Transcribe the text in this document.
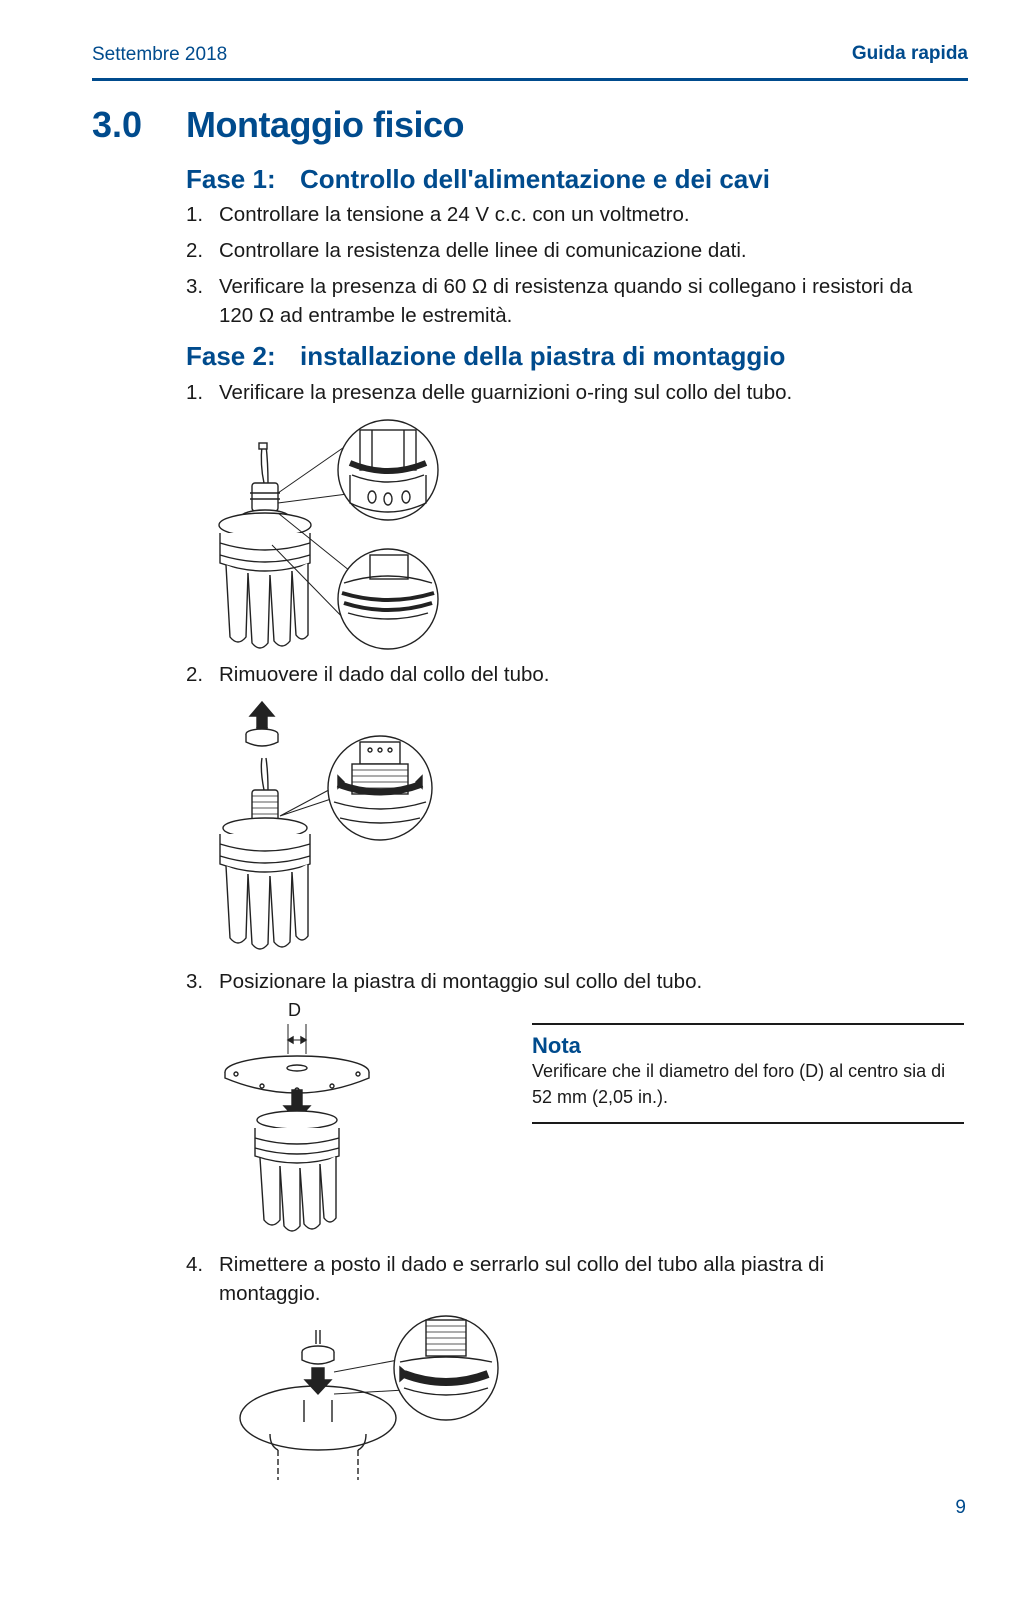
Settembre 2018	Guida rapida
3.0 Montaggio fisico
Fase 1: Controllo dell'alimentazione e dei cavi
1. Controllare la tensione a 24 V c.c. con un voltmetro.
2. Controllare la resistenza delle linee di comunicazione dati.
3. Verificare la presenza di 60 Ω di resistenza quando si collegano i resistori da 120 Ω ad entrambe le estremità.
Fase 2: installazione della piastra di montaggio
1. Verificare la presenza delle guarnizioni o-ring sul collo del tubo.
2. Rimuovere il dado dal collo del tubo.
3. Posizionare la piastra di montaggio sul collo del tubo.
D
Nota
Verificare che il diametro del foro (D) al centro sia di 52 mm (2,05 in.).
4. Rimettere a posto il dado e serrarlo sul collo del tubo alla piastra di montaggio.
9
